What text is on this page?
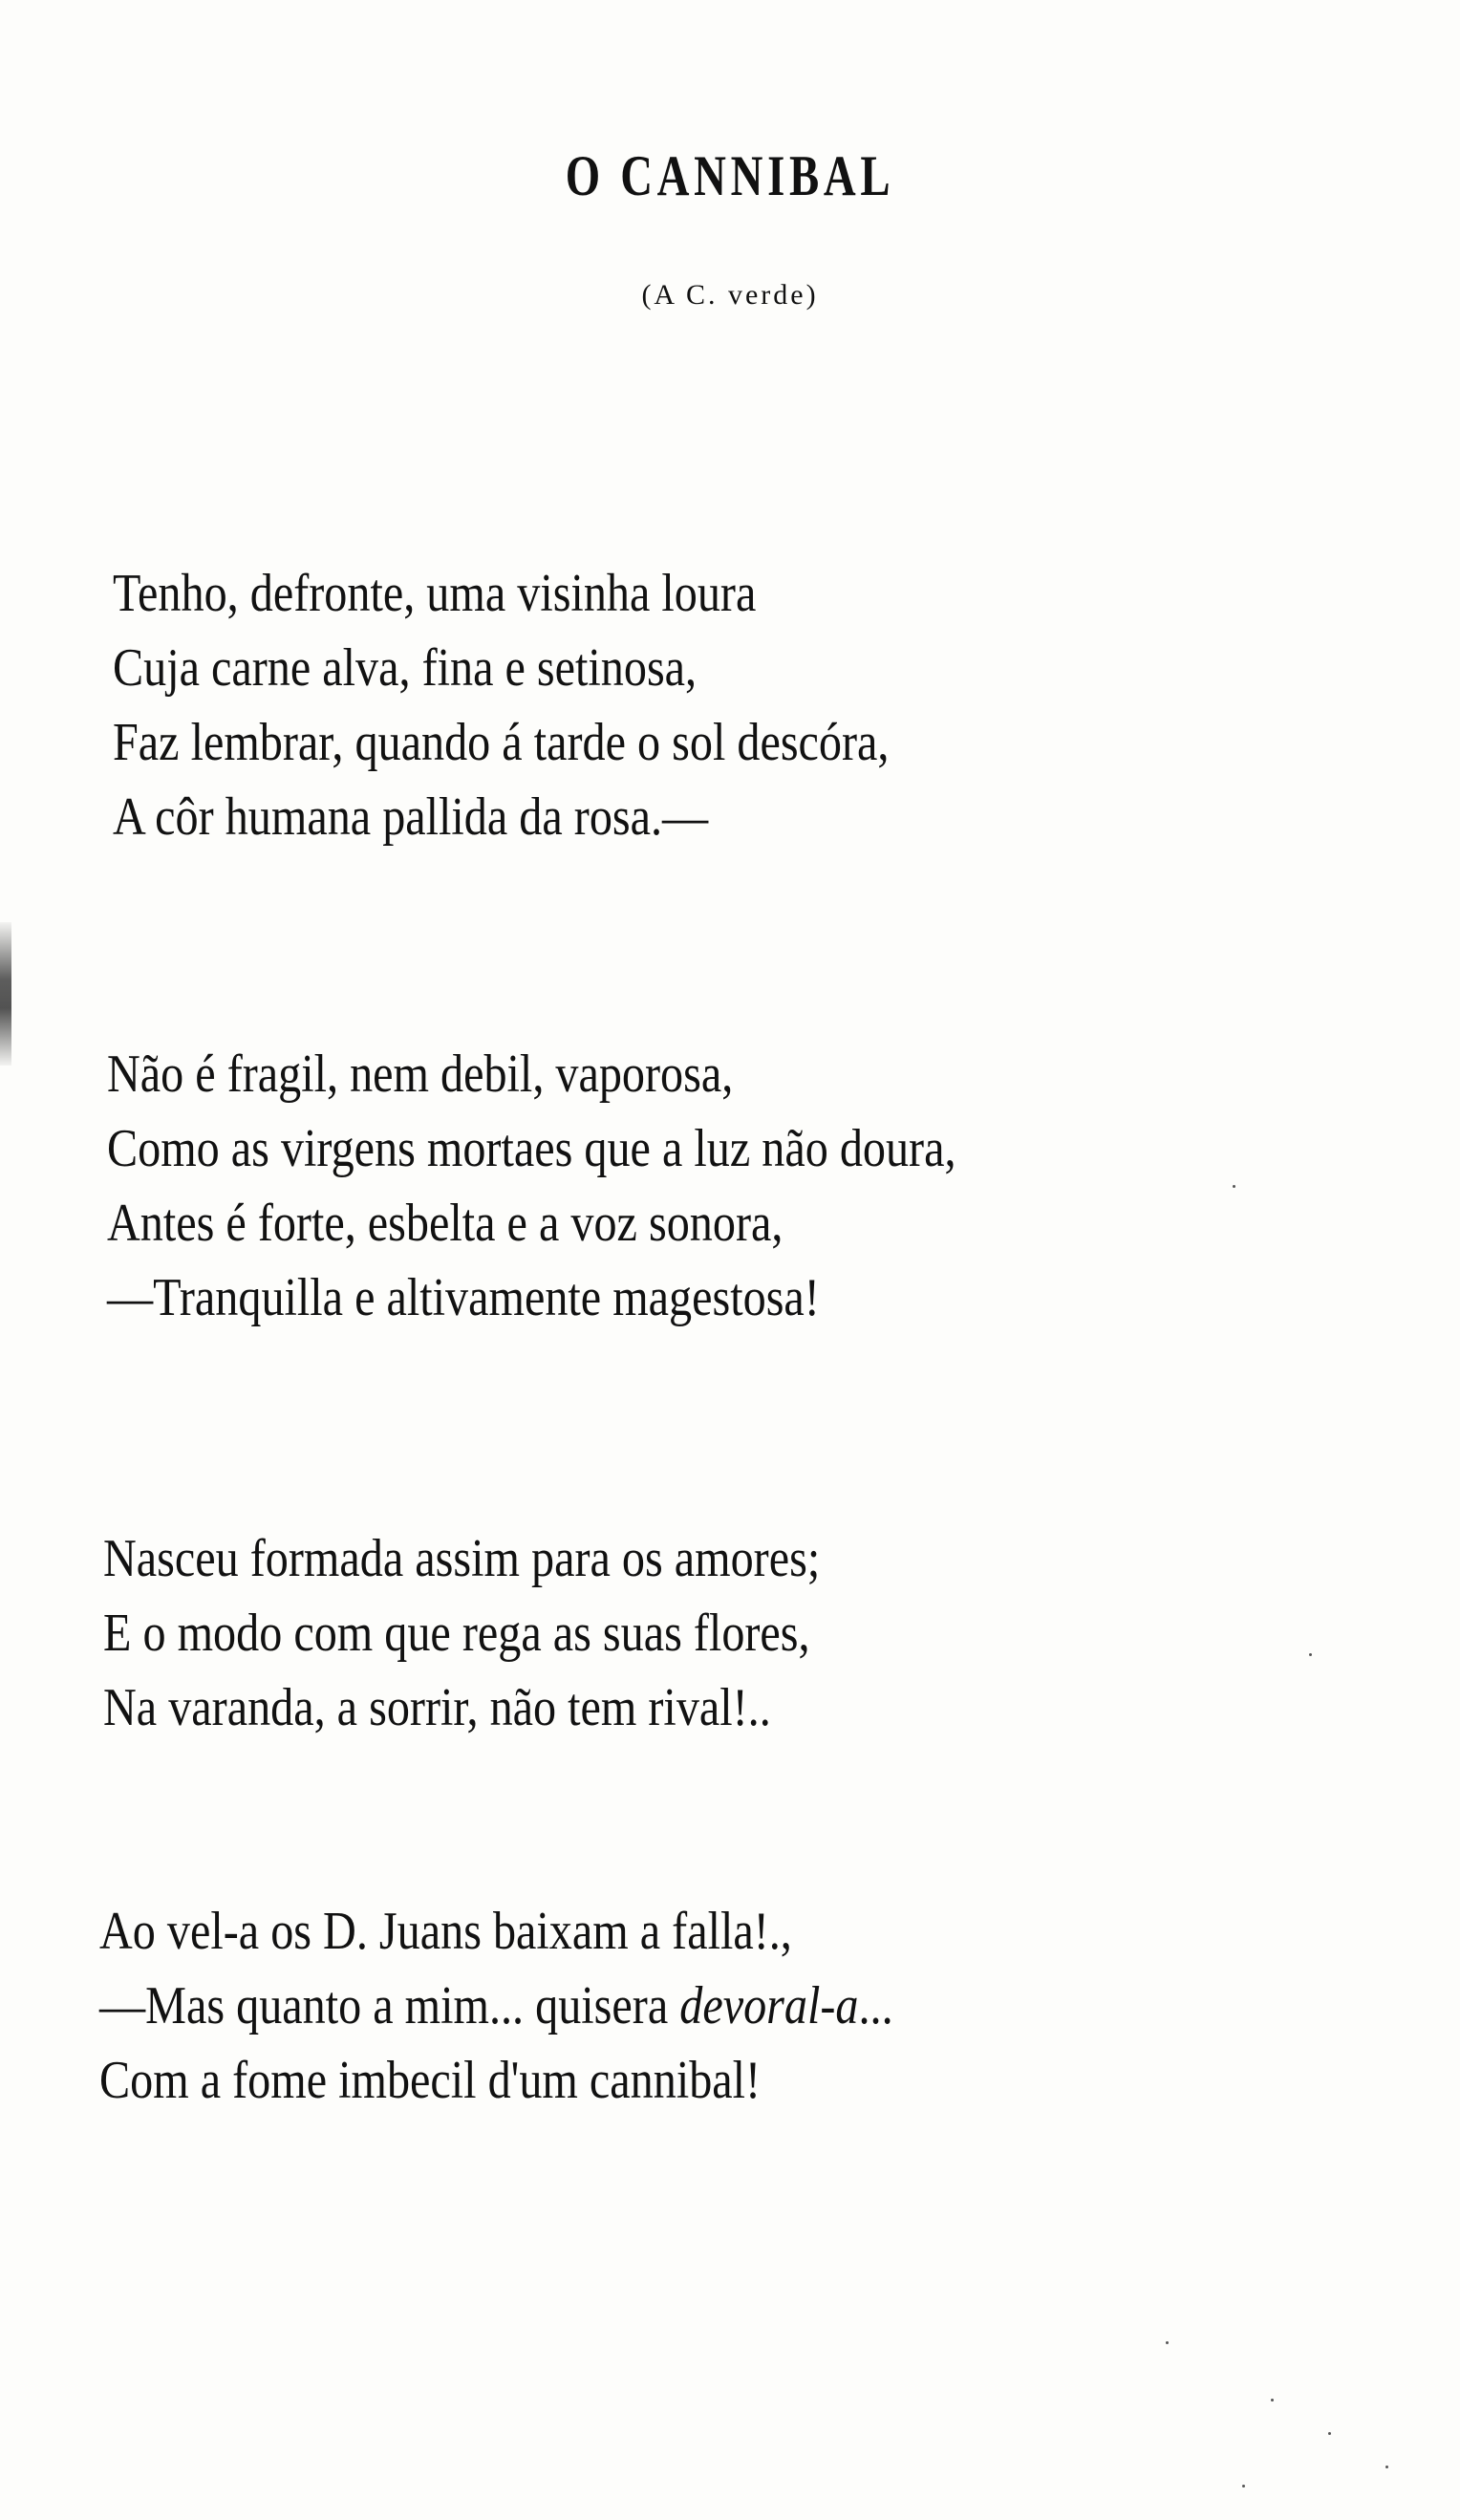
O CANNIBAL
(A C. verde)
Tenho, defronte, uma visinha loura
Cuja carne alva, fina e setinosa,
Faz lembrar, quando á tarde o sol descóra,
A côr humana pallida da rosa.—
Não é fragil, nem debil, vaporosa,
Como as virgens mortaes que a luz não doura,
Antes é forte, esbelta e a voz sonora,
—Tranquilla e altivamente magestosa!
Nasceu formada assim para os amores;
E o modo com que rega as suas flores,
Na varanda, a sorrir, não tem rival!..
Ao vel-a os D. Juans baixam a falla!.,
—Mas quanto a mim... quisera devoral-a...
Com a fome imbecil d'um cannibal!
